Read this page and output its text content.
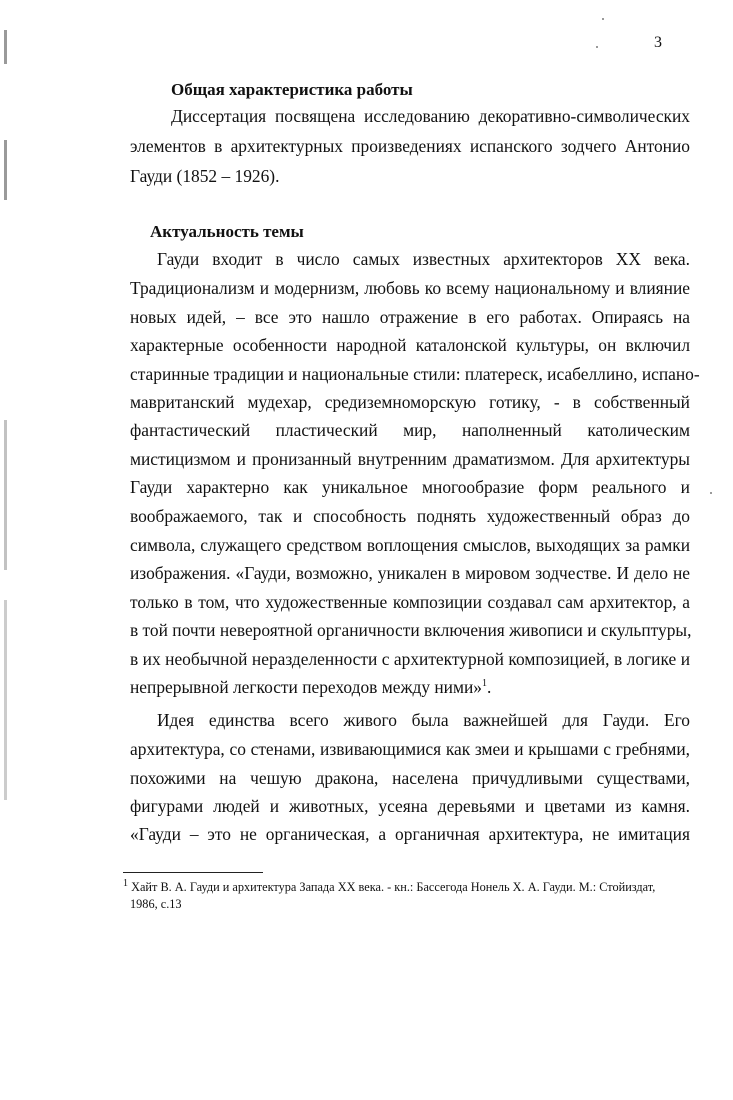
3
Общая характеристика работы
Диссертация посвящена исследованию декоративно-символических
элементов в архитектурных произведениях испанского зодчего Антонио
Гауди (1852 – 1926).
Актуальность темы
Гауди входит в число самых известных архитекторов XX века.
Традиционализм и модернизм, любовь ко всему национальному и влияние
новых идей, – все это нашло отражение в его работах. Опираясь на
характерные особенности народной каталонской культуры, он включил
старинные традиции и национальные стили: платереск, исабеллино, испано-
мавританский мудехар, средиземноморскую готику, - в собственный
фантастический пластический мир, наполненный католическим
мистицизмом и пронизанный внутренним драматизмом. Для архитектуры
Гауди характерно как уникальное многообразие форм реального и
воображаемого, так и способность поднять художественный образ до
символа, служащего средством воплощения смыслов, выходящих за рамки
изображения. «Гауди, возможно, уникален в мировом зодчестве. И дело не
только в том, что художественные композиции создавал сам архитектор, а
в той почти невероятной органичности включения живописи и скульптуры,
в их необычной неразделенности с архитектурной композицией, в логике и
непрерывной легкости переходов между ними»$^1$.
Идея единства всего живого была важнейшей для Гауди. Его
архитектура, со стенами, извивающимися как змеи и крышами с гребнями,
похожими на чешую дракона, населена причудливыми существами,
фигурами людей и животных, усеяна деревьями и цветами из камня.
«Гауди – это не органическая, а органичная архитектура, не имитация
$^1$ Хайт В. А. Гауди и архитектура Запада XX века. - кн.: Бассегода Нонель Х. А. Гауди. М.: Стойиздат,
1986, с.13
